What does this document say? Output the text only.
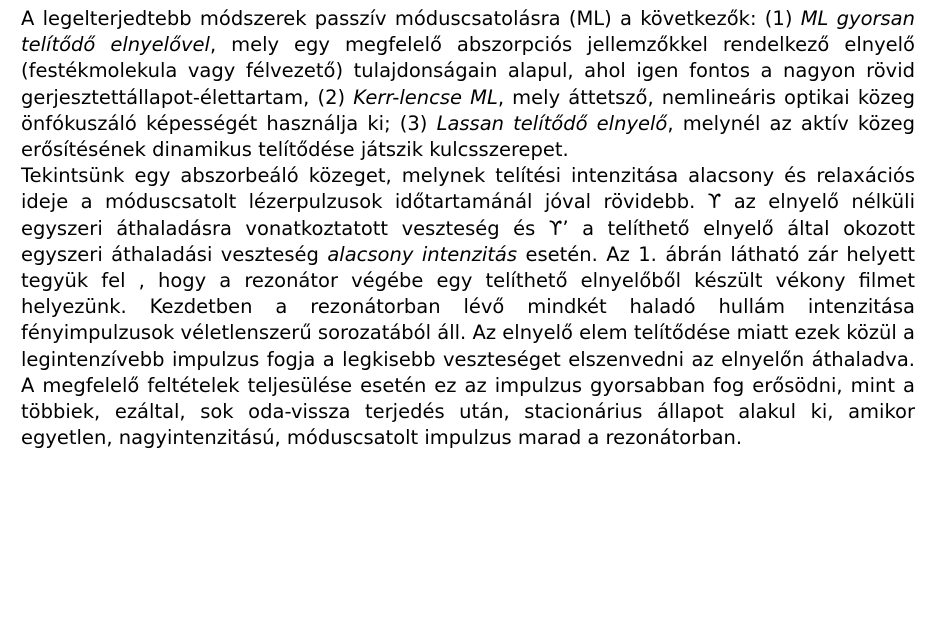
A legelterjedtebb módszerek passzív móduscsatolásra (ML) a következők: (1) ML gyorsan telítődő elnyelővel, mely egy megfelelő abszorpciós jellemzőkkel rendelkező elnyelő (festékmolekula vagy félvezető) tulajdonságain alapul, ahol igen fontos a nagyon rövid gerjesztettállapot-élettartam, (2) Kerr-lencse ML, mely áttetsző, nemlineáris optikai közeg önfókuszáló képességét használja ki; (3) Lassan telítődő elnyelő, melynél az aktív közeg erősítésének dinamikus telítődése játszik kulcsszerepet.

Tekintsünk egy abszorbeáló közeget, melynek telítési intenzitása alacsony és relaxációs ideje a móduscsatolt lézerpulzusok időtartamánál jóval rövidebb. ϒ az elnyelő nélküli egyszeri áthaladásra vonatkoztatott veszteség és ϒ’ a telíthető elnyelő által okozott egyszeri áthaladási veszteség alacsony intenzitás esetén. Az 1. ábrán látható zár helyett tegyük fel , hogy a rezonátor végébe egy telíthető elnyelőből készült vékony filmet helyezünk. Kezdetben a rezonátorban lévő mindkét haladó hullám intenzitása fényimpulzusok véletlenszerű sorozatából áll. Az elnyelő elem telítődése miatt ezek közül a legintenzívebb impulzus fogja a legkisebb veszteséget elszenvedni az elnyelőn áthaladva. A megfelelő feltételek teljesülése esetén ez az impulzus gyorsabban fog erősödni, mint a többiek, ezáltal, sok oda-vissza terjedés után, stacionárius állapot alakul ki, amikor egyetlen, nagyintenzitású, móduscsatolt impulzus marad a rezonátorban.
